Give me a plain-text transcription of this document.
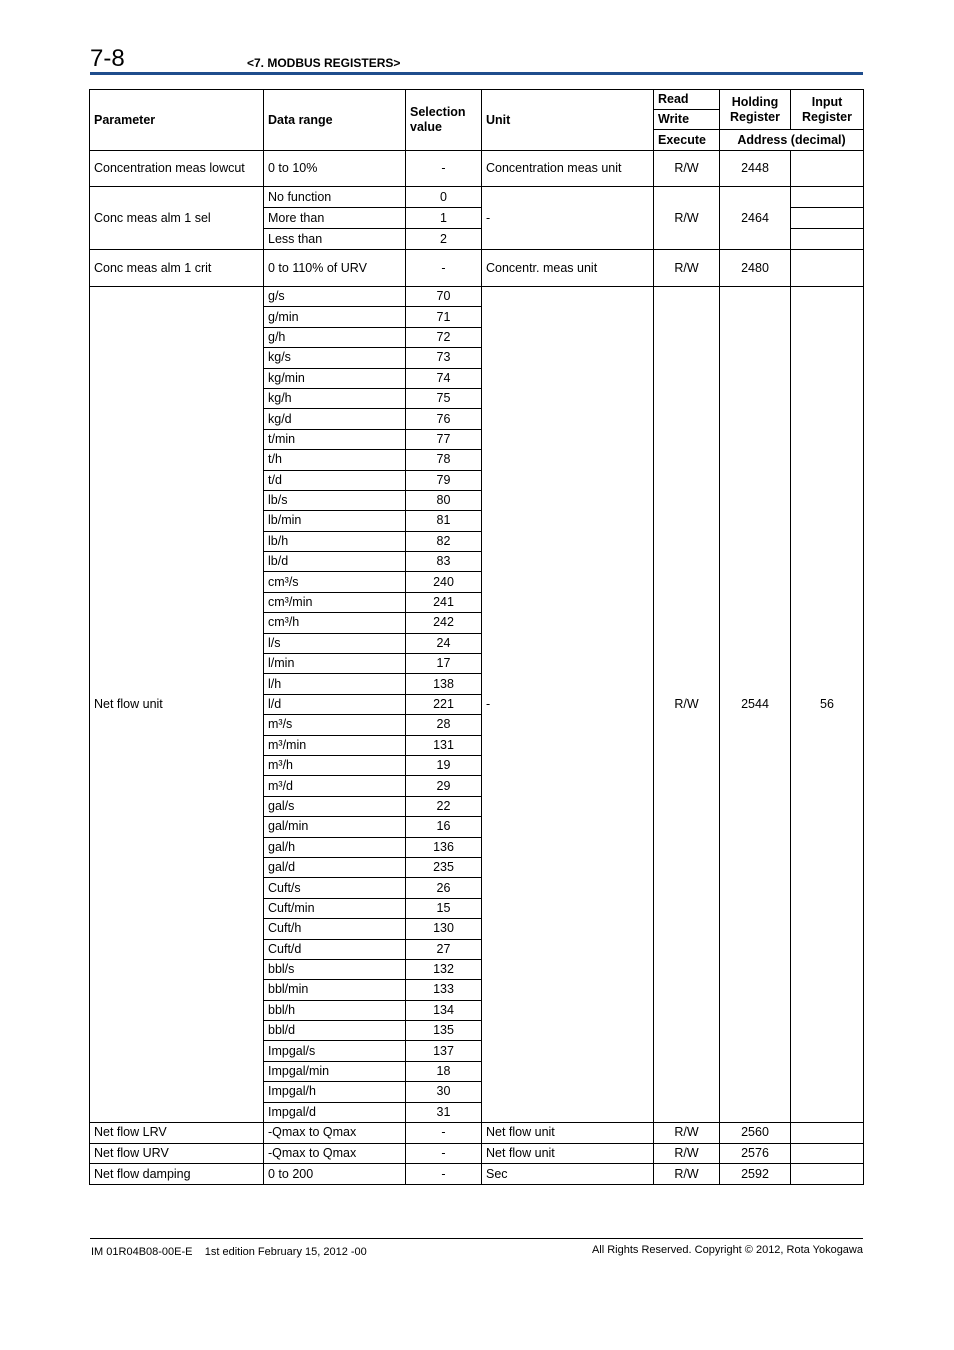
7-8	<7. MODBUS REGISTERS>
Parameter	Data range	Selection value	Unit	Read	Holding Register	Input Register
				Write		
				Execute	Address (decimal)	
Concentration meas lowcut	0 to 10%	-	Concentration meas unit	R/W	2448	
Conc meas alm 1 sel	No function	0	-	R/W	2464	
	More than	1				
	Less than	2				
Conc meas alm 1 crit	0 to 110% of URV	-	Concentr. meas unit	R/W	2480	
Net flow unit	g/s	70	-	R/W	2544	56
	g/min	71				
	g/h	72				
	kg/s	73				
	kg/min	74				
	kg/h	75				
	kg/d	76				
	t/min	77				
	t/h	78				
	t/d	79				
	lb/s	80				
	lb/min	81				
	lb/h	82				
	lb/d	83				
	cm³/s	240				
	cm³/min	241				
	cm³/h	242				
	l/s	24				
	l/min	17				
	l/h	138				
	l/d	221				
	m³/s	28				
	m³/min	131				
	m³/h	19				
	m³/d	29				
	gal/s	22				
	gal/min	16				
	gal/h	136				
	gal/d	235				
	Cuft/s	26				
	Cuft/min	15				
	Cuft/h	130				
	Cuft/d	27				
	bbl/s	132				
	bbl/min	133				
	bbl/h	134				
	bbl/d	135				
	Impgal/s	137				
	Impgal/min	18				
	Impgal/h	30				
	Impgal/d	31				
Net flow LRV	-Qmax to Qmax	-	Net flow unit	R/W	2560	
Net flow URV	-Qmax to Qmax	-	Net flow unit	R/W	2576	
Net flow damping	0 to 200	-	Sec	R/W	2592	
IM 01R04B08-00E-E 1st edition February 15, 2012 -00	All Rights Reserved. Copyright © 2012, Rota Yokogawa
